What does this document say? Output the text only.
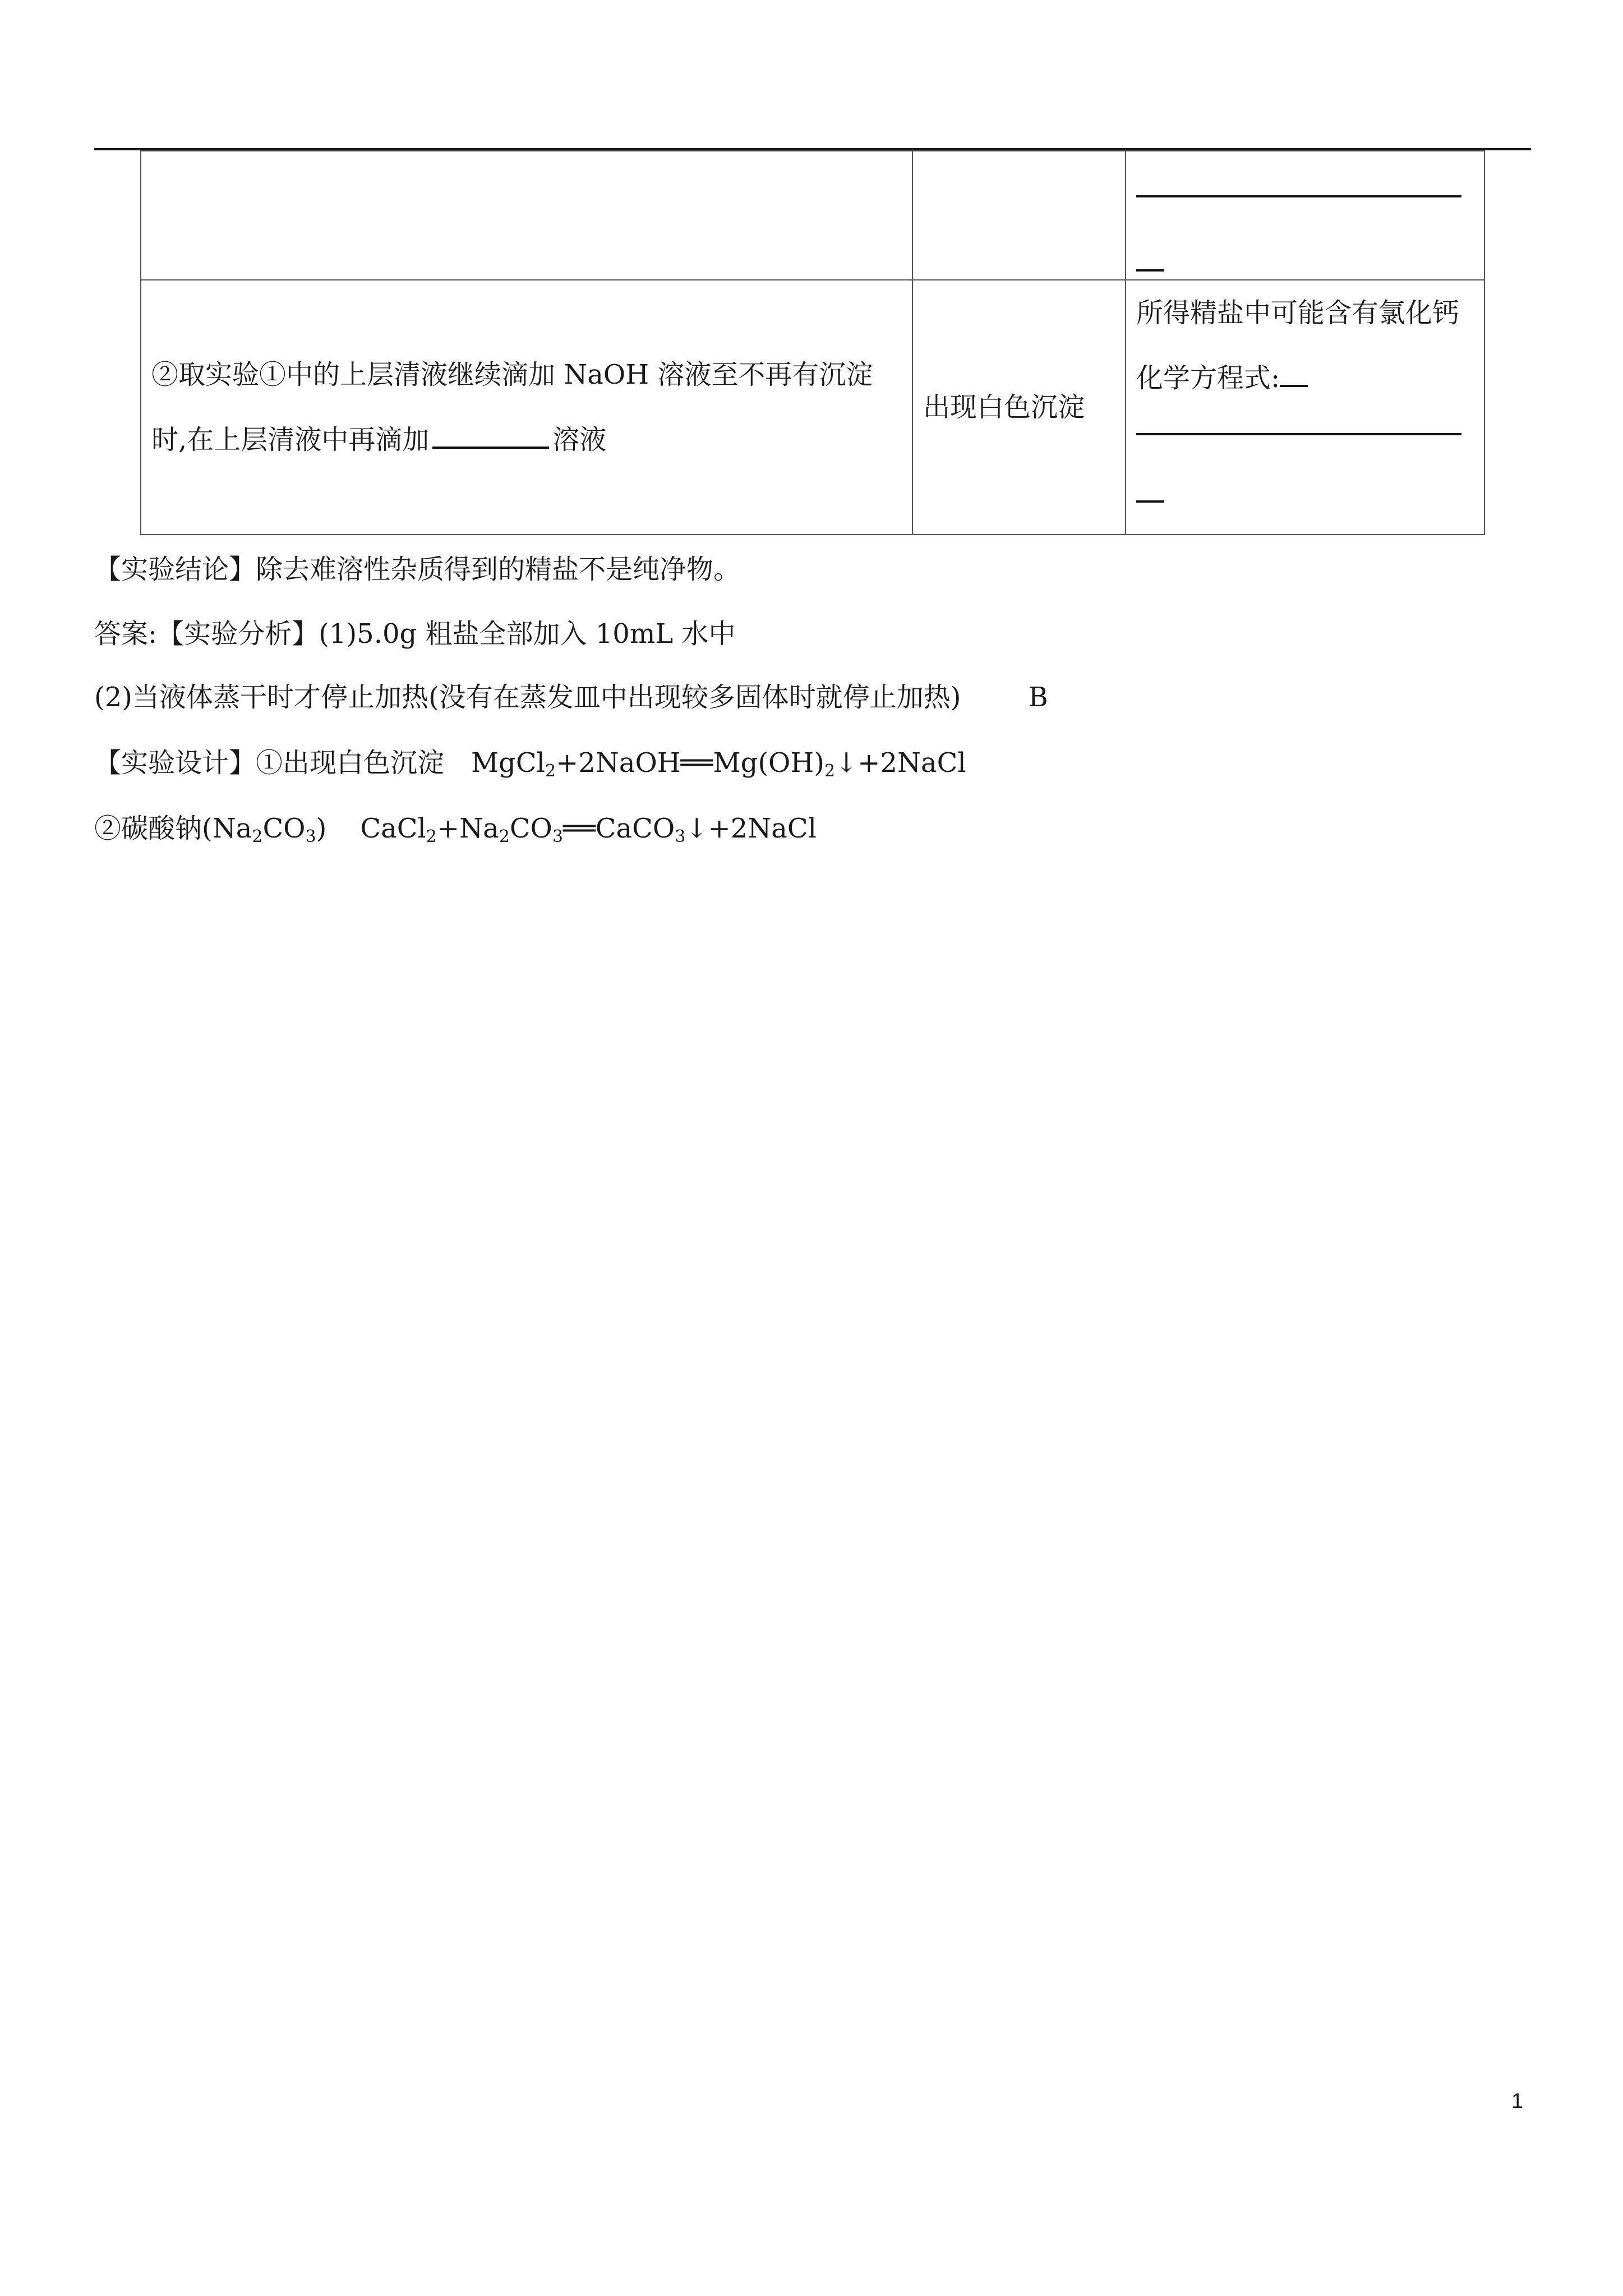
②取实验①中的上层清液继续滴加 NaOH 溶液至不再有沉淀
时,在上层清液中再滴加 溶液	出现白色沉淀	所得精盐中可能含有氯化钙
化学方程式:
【实验结论】除去难溶性杂质得到的精盐不是纯净物。
答案:【实验分析】(1)5.0g 粗盐全部加入 10mL 水中
(2)当液体蒸干时才停止加热(没有在蒸发皿中出现较多固体时就停止加热)	B
【实验设计】①出现白色沉淀 $MgCl_2+2NaOH══Mg(OH)_2↓+2NaCl$
②碳酸钠$(Na_2CO_3)$ $CaCl_2+Na_2CO_3══CaCO_3↓+2NaCl$
1
